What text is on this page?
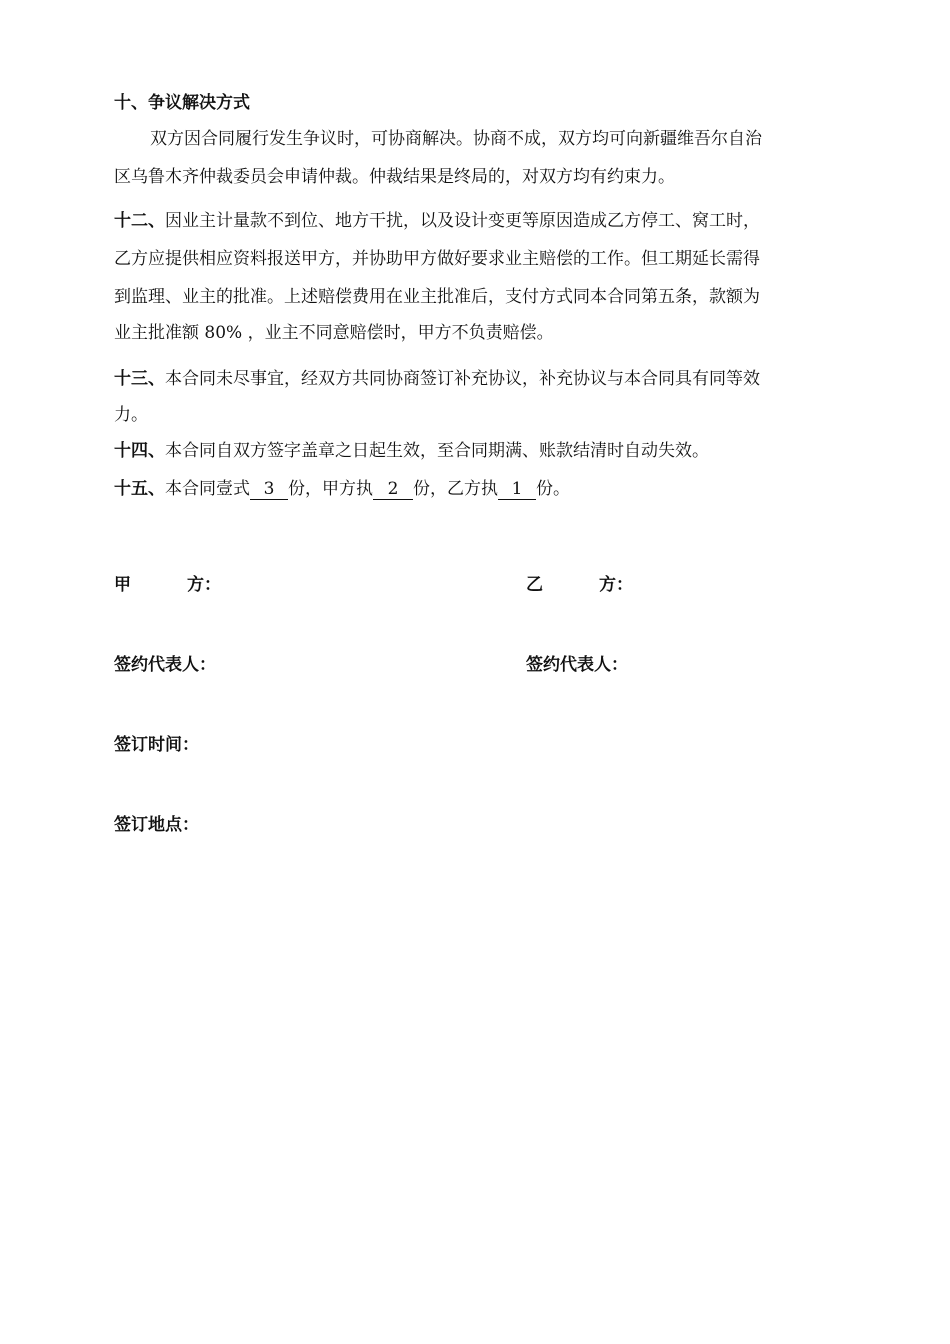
十、争议解决方式
双方因合同履行发生争议时，可协商解决。协商不成，双方均可向新疆维吾尔自治
区乌鲁木齐仲裁委员会申请仲裁。仲裁结果是终局的，对双方均有约束力。
十二、因业主计量款不到位、地方干扰，以及设计变更等原因造成乙方停工、窝工时，
乙方应提供相应资料报送甲方，并协助甲方做好要求业主赔偿的工作。但工期延长需得
到监理、业主的批准。上述赔偿费用在业主批准后，支付方式同本合同第五条，款额为
业主批准额 80% ，业主不同意赔偿时，甲方不负责赔偿。
十三、本合同未尽事宜，经双方共同协商签订补充协议，补充协议与本合同具有同等效
力。
十四、本合同自双方签字盖章之日起生效，至合同期满、账款结清时自动失效。
十五、本合同壹式 3 份，甲方执 2 份，乙方执 1 份。
甲	方：	乙	方：
签约代表人：	签约代表人：
签订时间：
签订地点：
